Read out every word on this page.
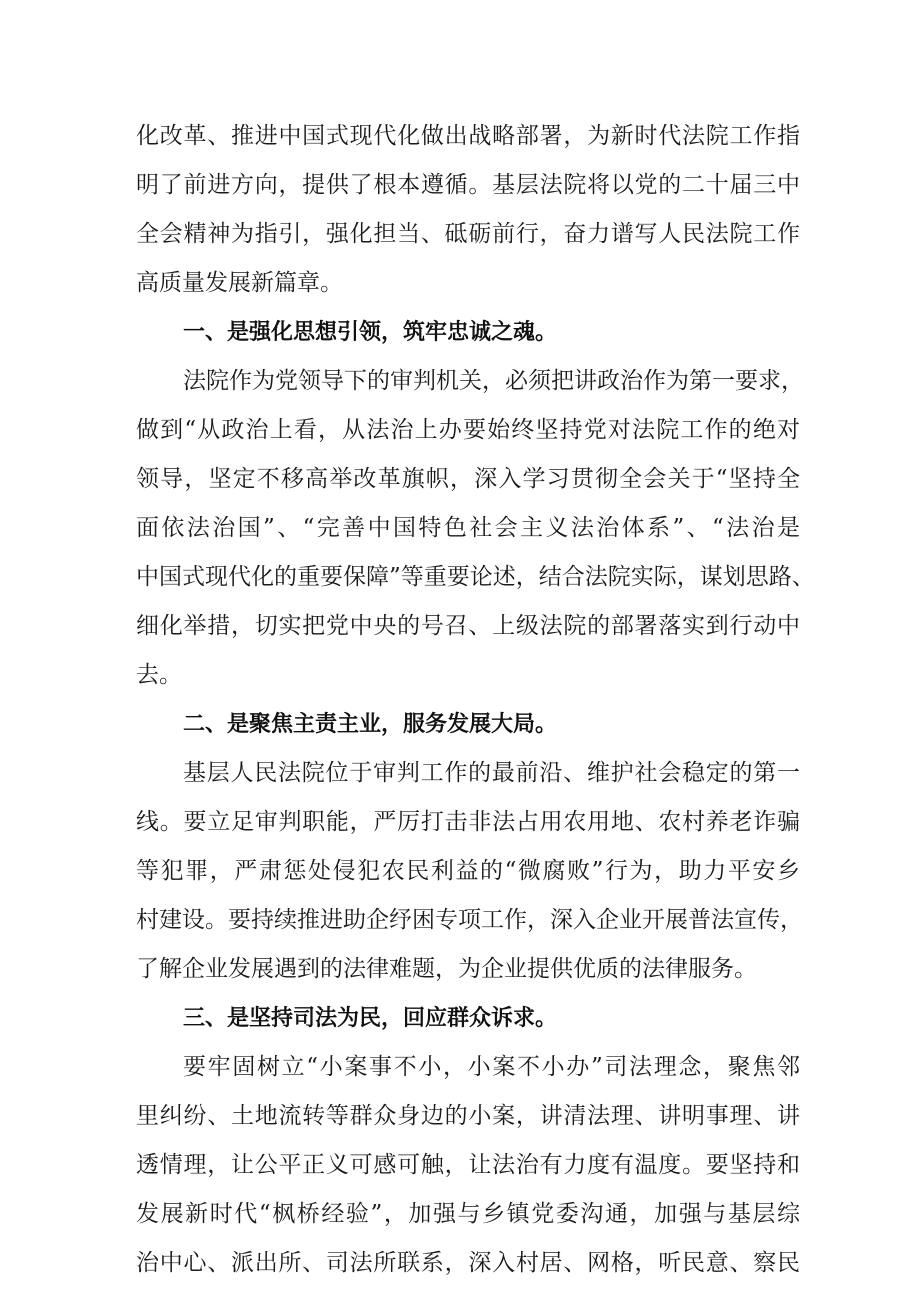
化改革、推进中国式现代化做出战略部署，为新时代法院工作指
明了前进方向，提供了根本遵循。基层法院将以党的二十届三中
全会精神为指引，强化担当、砥砺前行，奋力谱写人民法院工作
高质量发展新篇章。
一、是强化思想引领，筑牢忠诚之魂。
法院作为党领导下的审判机关，必须把讲政治作为第一要求，
做到“从政治上看，从法治上办要始终坚持党对法院工作的绝对
领导，坚定不移高举改革旗帜，深入学习贯彻全会关于“坚持全
面依法治国”、“完善中国特色社会主义法治体系”、“法治是
中国式现代化的重要保障”等重要论述，结合法院实际，谋划思路、
细化举措，切实把党中央的号召、上级法院的部署落实到行动中
去。
二、是聚焦主责主业，服务发展大局。
基层人民法院位于审判工作的最前沿、维护社会稳定的第一
线。要立足审判职能，严厉打击非法占用农用地、农村养老诈骗
等犯罪，严肃惩处侵犯农民利益的“微腐败”行为，助力平安乡
村建设。要持续推进助企纾困专项工作，深入企业开展普法宣传，
了解企业发展遇到的法律难题，为企业提供优质的法律服务。
三、是坚持司法为民，回应群众诉求。
要牢固树立“小案事不小，小案不小办”司法理念，聚焦邻
里纠纷、土地流转等群众身边的小案，讲清法理、讲明事理、讲
透情理，让公平正义可感可触，让法治有力度有温度。要坚持和
发展新时代“枫桥经验”，加强与乡镇党委沟通，加强与基层综
治中心、派出所、司法所联系，深入村居、网格，听民意、察民
